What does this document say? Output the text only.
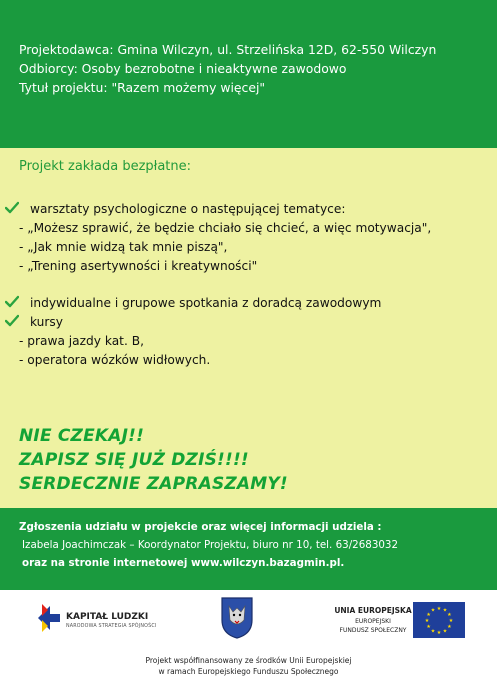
Projektodawca: Gmina Wilczyn, ul. Strzelińska 12D, 62-550 Wilczyn
Odbiorcy: Osoby bezrobotne i nieaktywne zawodowo
Tytuł projektu: "Razem możemy więcej"
Projekt zakłada bezpłatne:
warsztaty psychologiczne o następującej tematyce:
- „Możesz sprawić, że będzie chciało się chcieć, a więc motywacja",
- „Jak mnie widzą tak mnie piszą",
- „Trening asertywności i kreatywności"
indywidualne i grupowe spotkania z doradcą zawodowym
kursy
- prawa jazdy kat. B,
- operatora wózków widłowych.
NIE CZEKAJ!!
ZAPISZ SIĘ JUŻ DZIŚ!!!!
SERDECZNIE ZAPRASZAMY!
Zgłoszenia udziału w projekcie oraz więcej informacji udziela :
Izabela Joachimczak – Koordynator Projektu, biuro nr 10, tel. 63/2683032
oraz na stronie internetowej www.wilczyn.bazagmin.pl.
KAPITAŁ LUDZKI
NARODOWA STRATEGIA SPÓJNOŚCI
UNIA EUROPEJSKA
EUROPEJSKI
FUNDUSZ SPOŁECZNY
★ ★
★
★
★
★
★
★
★
★
★
★
Projekt współfinansowany ze środków Unii Europejskiej
w ramach Europejskiego Funduszu Społecznego
